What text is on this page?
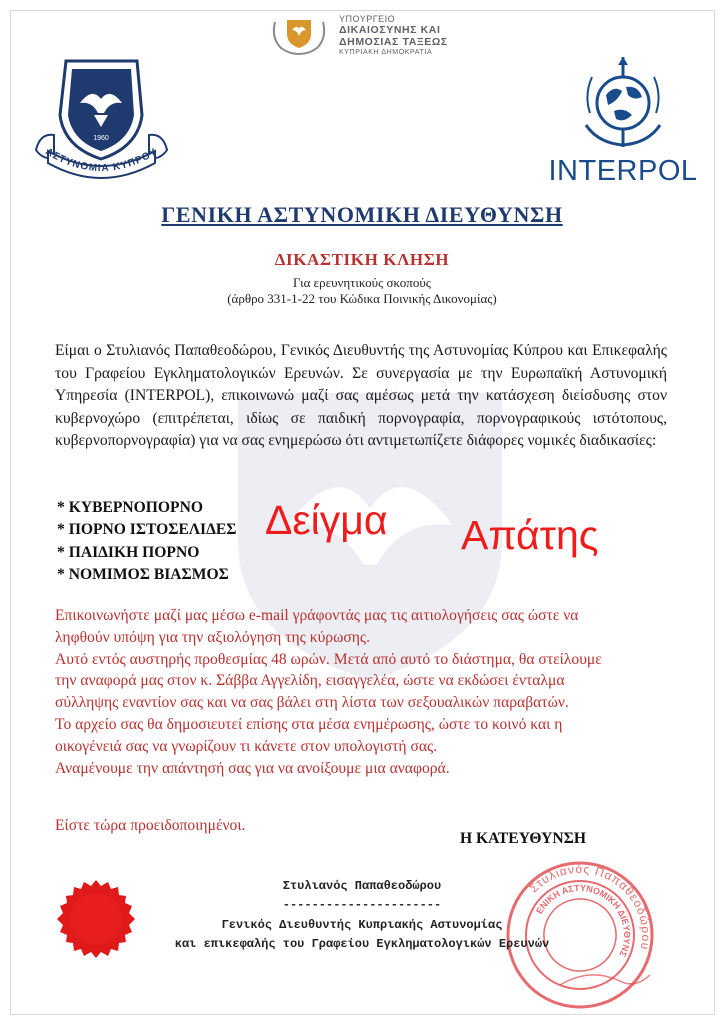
ΥΠΟΥΡΓΕΙΟ
ΔΙΚΑΙΟΣΥΝΗΣ ΚΑΙ
ΔΗΜΟΣΙΑΣ ΤΑΞΕΩΣ
ΚΥΠΡΙΑΚΗ ΔΗΜΟΚΡΑΤΙΑ
1960
ΑΣΤΥΝΟΜΙΑ ΚΥΠΡΟΥ
INTERPOL
ΓΕΝΙΚΗ ΑΣΤΥΝΟΜΙΚΗ ΔΙΕΥΘΥΝΣΗ
ΔΙΚΑΣΤΙΚΗ ΚΛΗΣΗ
Για ερευνητικούς σκοπούς
(άρθρο 331-1-22 του Κώδικα Ποινικής Δικονομίας)
Είμαι ο Στυλιανός Παπαθεοδώρου, Γενικός Διευθυντής της Αστυνομίας Κύπρου και Επικεφαλής του Γραφείου Εγκληματολογικών Ερευνών. Σε συνεργασία με την Ευρωπαϊκή Αστυνομική Υπηρεσία (INTERPOL), επικοινωνώ μαζί σας αμέσως μετά την κατάσχεση διείσδυσης στον κυβερνοχώρο (επιτρέπεται, ιδίως σε παιδική πορνογραφία, πορνογραφικούς ιστότοπους, κυβερνοπορνογραφία) για να σας ενημερώσω ότι αντιμετωπίζετε διάφορες νομικές διαδικασίες:
* ΚΥΒΕΡΝΟΠΟΡΝΟ
* ΠΟΡΝΟ ΙΣΤΟΣΕΛΙΔΕΣ
* ΠΑΙΔΙΚΗ ΠΟΡΝΟ
* ΝΟΜΙΜΟΣ ΒΙΑΣΜΟΣ
Δείγμα Απάτης
Επικοινωνήστε μαζί μας μέσω e-mail γράφοντάς μας τις αιτιολογήσεις σας ώστε να
ληφθούν υπόψη για την αξιολόγηση της κύρωσης.
Αυτό εντός αυστηρής προθεσμίας 48 ωρών. Μετά από αυτό το διάστημα, θα στείλουμε
την αναφορά μας στον κ. Σάββα Αγγελίδη, εισαγγελέα, ώστε να εκδώσει ένταλμα
σύλληψης εναντίον σας και να σας βάλει στη λίστα των σεξουαλικών παραβατών.
Το αρχείο σας θα δημοσιευτεί επίσης στα μέσα ενημέρωσης, ώστε το κοινό και η
οικογένειά σας να γνωρίζουν τι κάνετε στον υπολογιστή σας.
Αναμένουμε την απάντησή σας για να ανοίξουμε μια αναφορά.
Είστε τώρα προειδοποιημένοι.
Η ΚΑΤΕΥΘΥΝΣΗ
Στυλιανός Παπαθεοδώρου
ΓΕΝΙΚΗ ΑΣΤΥΝΟΜΙΚΗ ΔΙΕΥΘΥΝΣΗ
Στυλιανός Παπαθεοδώρου
----------------------
Γενικός Διευθυντής Κυπριακής Αστυνομίας
και επικεφαλής του Γραφείου Εγκληματολογικών Ερευνών
